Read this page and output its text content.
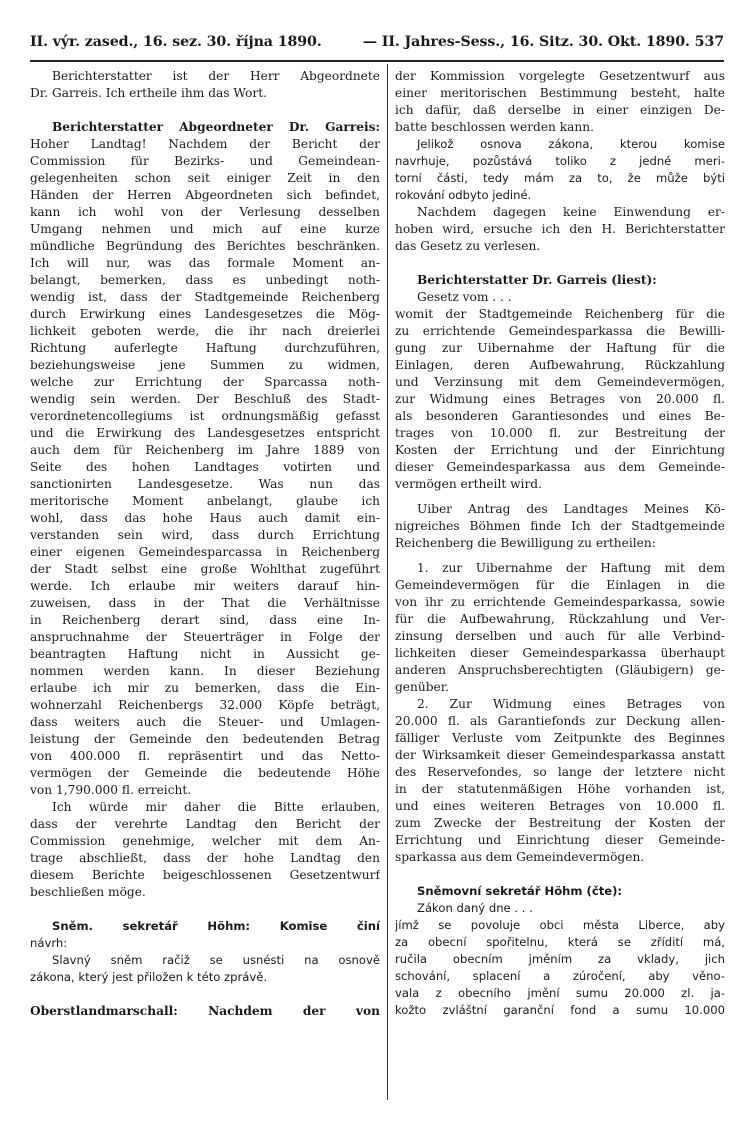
II. výr. zased., 16. sez. 30. října 1890.	— II. Jahres-Sess., 16. Sitz. 30. Okt. 1890. 537
Berichterstatter ist der Herr Abgeordnete
Dr. Garreis. Ich ertheile ihm das Wort.
Berichterstatter Abgeordneter Dr. Garreis:
Hoher Landtag! Nachdem der Bericht der
Commission für Bezirks- und Gemeindean-
gelegenheiten schon seit einiger Zeit in den
Händen der Herren Abgeordneten sich befindet,
kann ich wohl von der Verlesung desselben
Umgang nehmen und mich auf eine kurze
mündliche Begründung des Berichtes beschränken.
Ich will nur, was das formale Moment an-
belangt, bemerken, dass es unbedingt noth-
wendig ist, dass der Stadtgemeinde Reichenberg
durch Erwirkung eines Landesgesetzes die Mög-
lichkeit geboten werde, die ihr nach dreierlei
Richtung auferlegte Haftung durchzuführen,
beziehungsweise jene Summen zu widmen,
welche zur Errichtung der Sparcassa noth-
wendig sein werden. Der Beschluß des Stadt-
verordnetencollegiums ist ordnungsmäßig gefasst
und die Erwirkung des Landesgesetzes entspricht
auch dem für Reichenberg im Jahre 1889 von
Seite des hohen Landtages votirten und
sanctionirten Landesgesetze. Was nun das
meritorische Moment anbelangt, glaube ich
wohl, dass das hohe Haus auch damit ein-
verstanden sein wird, dass durch Errichtung
einer eigenen Gemeindesparcassa in Reichenberg
der Stadt selbst eine große Wohlthat zugeführt
werde. Ich erlaube mir weiters darauf hin-
zuweisen, dass in der That die Verhältnisse
in Reichenberg derart sind, dass eine In-
anspruchnahme der Steuerträger in Folge der
beantragten Haftung nicht in Aussicht ge-
nommen werden kann. In dieser Beziehung
erlaube ich mir zu bemerken, dass die Ein-
wohnerzahl Reichenbergs 32.000 Köpfe beträgt,
dass weiters auch die Steuer- und Umlagen-
leistung der Gemeinde den bedeutenden Betrag
von 400.000 fl. repräsentirt und das Netto-
vermögen der Gemeinde die bedeutende Höhe
von 1,790.000 fl. erreicht.
Ich würde mir daher die Bitte erlauben,
dass der verehrte Landtag den Bericht der
Commission genehmige, welcher mit dem An-
trage abschließt, dass der hohe Landtag den
diesem Berichte beigeschlossenen Gesetzentwurf
beschließen möge.
Sněm. sekretář Höhm: Komise činí
návrh:
Slavný sněm račiž se usnésti na osnově
zákona, který jest přiložen k této zprávě.
Oberstlandmarschall: Nachdem der von
der Kommission vorgelegte Gesetzentwurf aus
einer meritorischen Bestimmung besteht, halte
ich dafür, daß derselbe in einer einzigen De-
batte beschlossen werden kann.
Jelikož osnova zákona, kterou komise
navrhuje, pozůstává toliko z jedné meri-
torní části, tedy mám za to, že může býti
rokování odbyto jediné.
Nachdem dagegen keine Einwendung er-
hoben wird, ersuche ich den H. Berichterstatter
das Gesetz zu verlesen.
Berichterstatter Dr. Garreis (liest):
Gesetz vom . . .
womit der Stadtgemeinde Reichenberg für die
zu errichtende Gemeindesparkassa die Bewilli-
gung zur Uibernahme der Haftung für die
Einlagen, deren Aufbewahrung, Rückzahlung
und Verzinsung mit dem Gemeindevermögen,
zur Widmung eines Betrages von 20.000 fl.
als besonderen Garantiesondes und eines Be-
trages von 10.000 fl. zur Bestreitung der
Kosten der Errichtung und der Einrichtung
dieser Gemeindesparkassa aus dem Gemeinde-
vermögen ertheilt wird.
Uiber Antrag des Landtages Meines Kö-
nigreiches Böhmen finde Ich der Stadtgemeinde
Reichenberg die Bewilligung zu ertheilen:
1. zur Uibernahme der Haftung mit dem
Gemeindevermögen für die Einlagen in die
von ihr zu errichtende Gemeindesparkassa, sowie
für die Aufbewahrung, Rückzahlung und Ver-
zinsung derselben und auch für alle Verbind-
lichkeiten dieser Gemeindesparkassa überhaupt
anderen Anspruchsberechtigten (Gläubigern) ge-
genüber.
2. Zur Widmung eines Betrages von
20.000 fl. als Garantiefonds zur Deckung allen-
fälliger Verluste vom Zeitpunkte des Beginnes
der Wirksamkeit dieser Gemeindesparkassa anstatt
des Reservefondes, so lange der letztere nicht
in der statutenmäßigen Höhe vorhanden ist,
und eines weiteren Betrages von 10.000 fl.
zum Zwecke der Bestreitung der Kosten der
Errichtung und Einrichtung dieser Gemeinde-
sparkassa aus dem Gemeindevermögen.
Sněmovní sekretář Höhm (čte):
Zákon daný dne . . .
jímž se povoluje obci města Liberce, aby
za obecní spořitelnu, která se zřídití má,
ručila obecním jměním za vklady, jich
schování, splacení a zúročení, aby věno-
vala z obecního jmění sumu 20.000 zl. ja-
kožto zvláštní garanční fond a sumu 10.000
